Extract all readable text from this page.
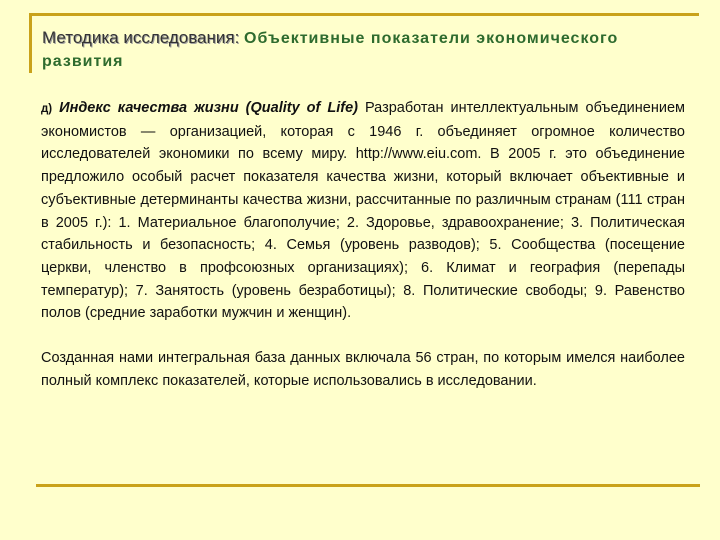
Методика исследования: Объективные показатели экономического развития

д) Индекс качества жизни (Quality of Life) Разработан интеллектуальным объединением экономистов — организацией, которая с 1946 г. объединяет огромное количество исследователей экономики по всему миру. http://www.eiu.com. В 2005 г. это объединение предложило особый расчет показателя качества жизни, который включает объективные и субъективные детерминанты качества жизни, рассчитанные по различным странам (111 стран в 2005 г.): 1. Материальное благополучие; 2. Здоровье, здравоохранение; 3. Политическая стабильность и безопасность; 4. Семья (уровень разводов); 5. Сообщества (посещение церкви, членство в профсоюзных организациях); 6. Климат и география (перепады температур); 7. Занятость (уровень безработицы); 8. Политические свободы; 9. Равенство полов (средние заработки мужчин и женщин).

Созданная нами интегральная база данных включала 56 стран, по которым имелся наиболее полный комплекс показателей, которые использовались в исследовании.
